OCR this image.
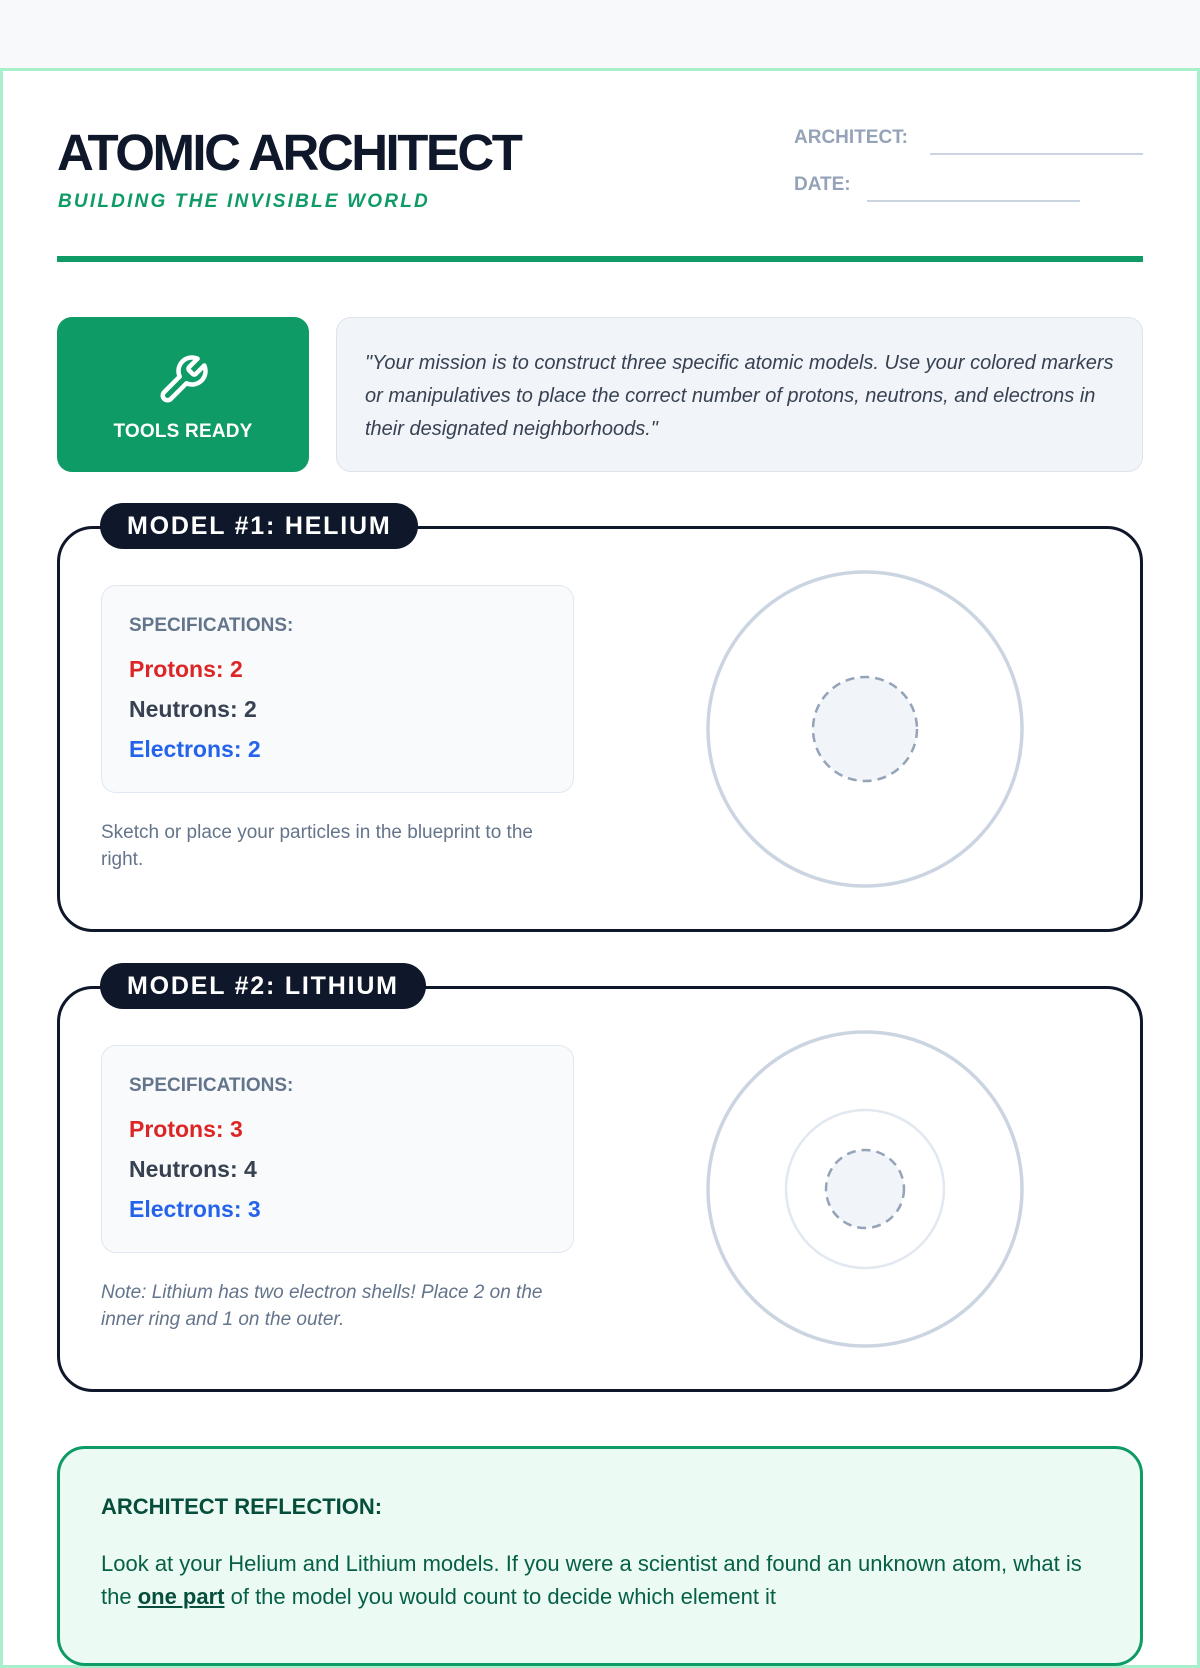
ATOMIC ARCHITECT
BUILDING THE INVISIBLE WORLD
ARCHITECT:
DATE:
TOOLS READY
"Your mission is to construct three specific atomic models. Use your colored markers or manipulatives to place the correct number of protons, neutrons, and electrons in their designated neighborhoods."
MODEL #1: HELIUM
SPECIFICATIONS:
Protons: 2
Neutrons: 2
Electrons: 2
Sketch or place your particles in the blueprint to the right.
MODEL #2: LITHIUM
SPECIFICATIONS:
Protons: 3
Neutrons: 4
Electrons: 3
Note: Lithium has two electron shells! Place 2 on the inner ring and 1 on the outer.
ARCHITECT REFLECTION:
Look at your Helium and Lithium models. If you were a scientist and found an unknown atom, what is the one part of the model you would count to decide which element it
